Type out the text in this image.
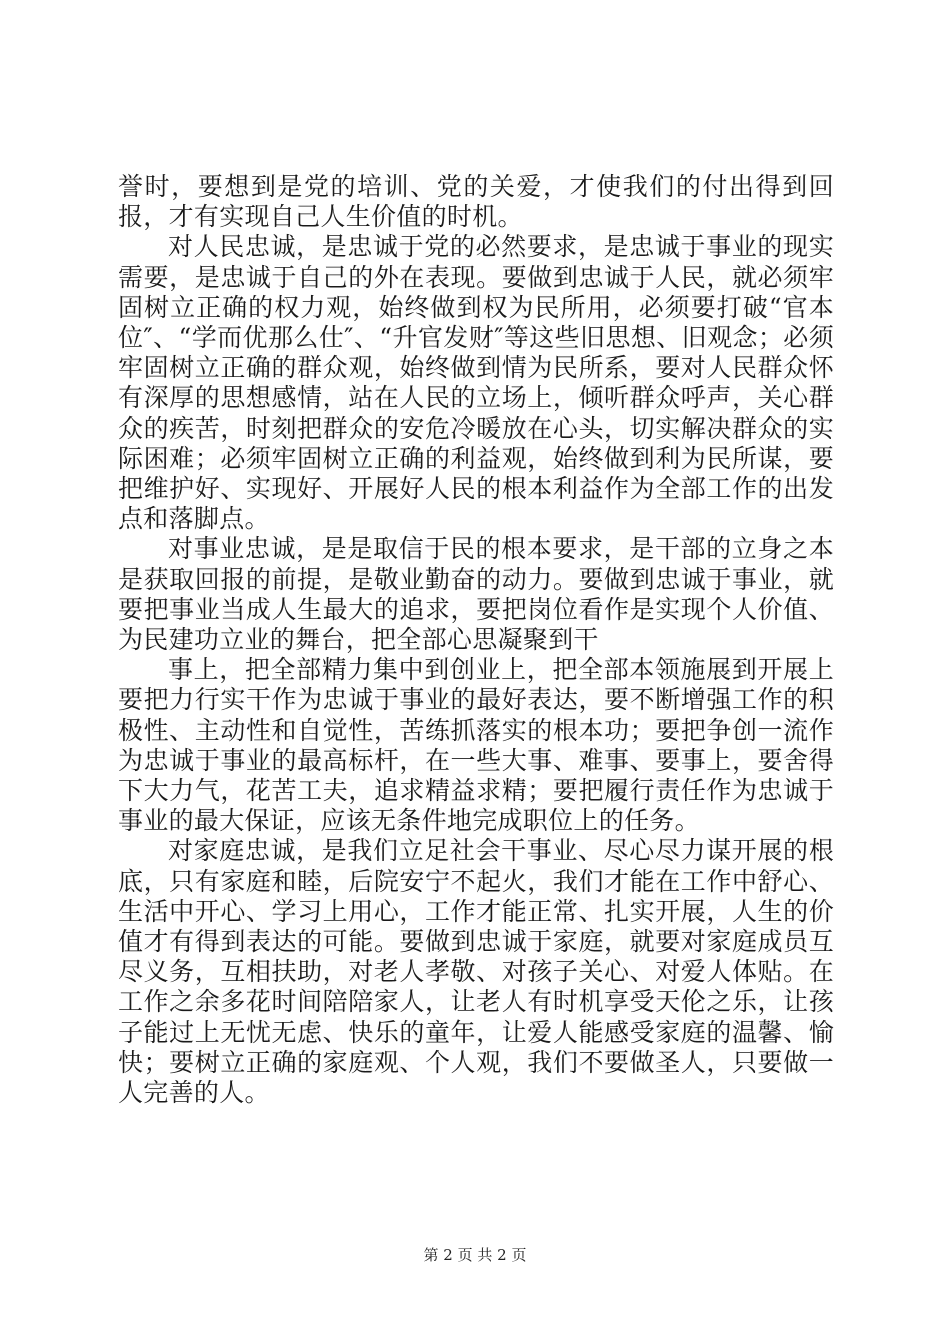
誉时，要想到是党的培训、党的关爱，才使我们的付出得到回报，才有实现自己人生价值的时机。

对人民忠诚，是忠诚于党的必然要求，是忠诚于事业的现实需要，是忠诚于自己的外在表现。要做到忠诚于人民，就必须牢固树立正确的权力观，始终做到权为民所用，必须要打破“官本位″、“学而优那么仕″、“升官发财″等这些旧思想、旧观念；必须牢固树立正确的群众观，始终做到情为民所系，要对人民群众怀有深厚的思想感情，站在人民的立场上，倾听群众呼声，关心群众的疾苦，时刻把群众的安危冷暖放在心头，切实解决群众的实际困难；必须牢固树立正确的利益观，始终做到利为民所谋，要把维护好、实现好、开展好人民的根本利益作为全部工作的出发点和落脚点。

对事业忠诚，是是取信于民的根本要求，是干部的立身之本是获取回报的前提，是敬业勤奋的动力。要做到忠诚于事业，就要把事业当成人生最大的追求，要把岗位看作是实现个人价值、为民建功立业的舞台，把全部心思凝聚到干

事上，把全部精力集中到创业上，把全部本领施展到开展上要把力行实干作为忠诚于事业的最好表达，要不断增强工作的积极性、主动性和自觉性，苦练抓落实的根本功；要把争创一流作为忠诚于事业的最高标杆，在一些大事、难事、要事上，要舍得下大力气，花苦工夫，追求精益求精；要把履行责任作为忠诚于事业的最大保证，应该无条件地完成职位上的任务。

对家庭忠诚，是我们立足社会干事业、尽心尽力谋开展的根底，只有家庭和睦，后院安宁不起火，我们才能在工作中舒心、生活中开心、学习上用心，工作才能正常、扎实开展，人生的价值才有得到表达的可能。要做到忠诚于家庭，就要对家庭成员互尽义务，互相扶助，对老人孝敬、对孩子关心、对爱人体贴。在工作之余多花时间陪陪家人，让老人有时机享受天伦之乐，让孩子能过上无忧无虑、快乐的童年，让爱人能感受家庭的温馨、愉快；要树立正确的家庭观、个人观，我们不要做圣人，只要做一人完善的人。

第 2 页 共 2 页
